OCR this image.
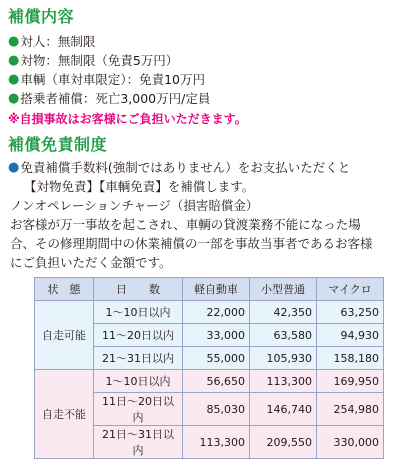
補償内容
● 対人：無制限
● 対物：無制限（免責5万円）
● 車輌（車対車限定）：免責10万円
● 搭乗者補償：死亡3,000万円/定員
※自損事故はお客様にご負担いただきます。
補償免責制度
● 免責補償手数料(強制ではありません）をお支払いただくと
【対物免責】【車輌免責】を補償します。
ノンオペレーションチャージ（損害賠償金）
お客様が万一事故を起こされ、車輌の貸渡業務不能になった場
合、その修理期間中の休業補償の一部を事故当事者であるお客様
にご負担いただく金額です。
状　態	日　　数	軽自動車	小型普通	マイクロ
自走可能	1〜10日以内	22,000	42,350	63,250
	11〜20日以内	33,000	63,580	94,930
	21〜31日以内	55,000	105,930	158,180
自走不能	1〜10日以内	56,650	113,300	169,950
	11日〜20日以内	85,030	146,740	254,980
	21日〜31日以内	113,300	209,550	330,000
